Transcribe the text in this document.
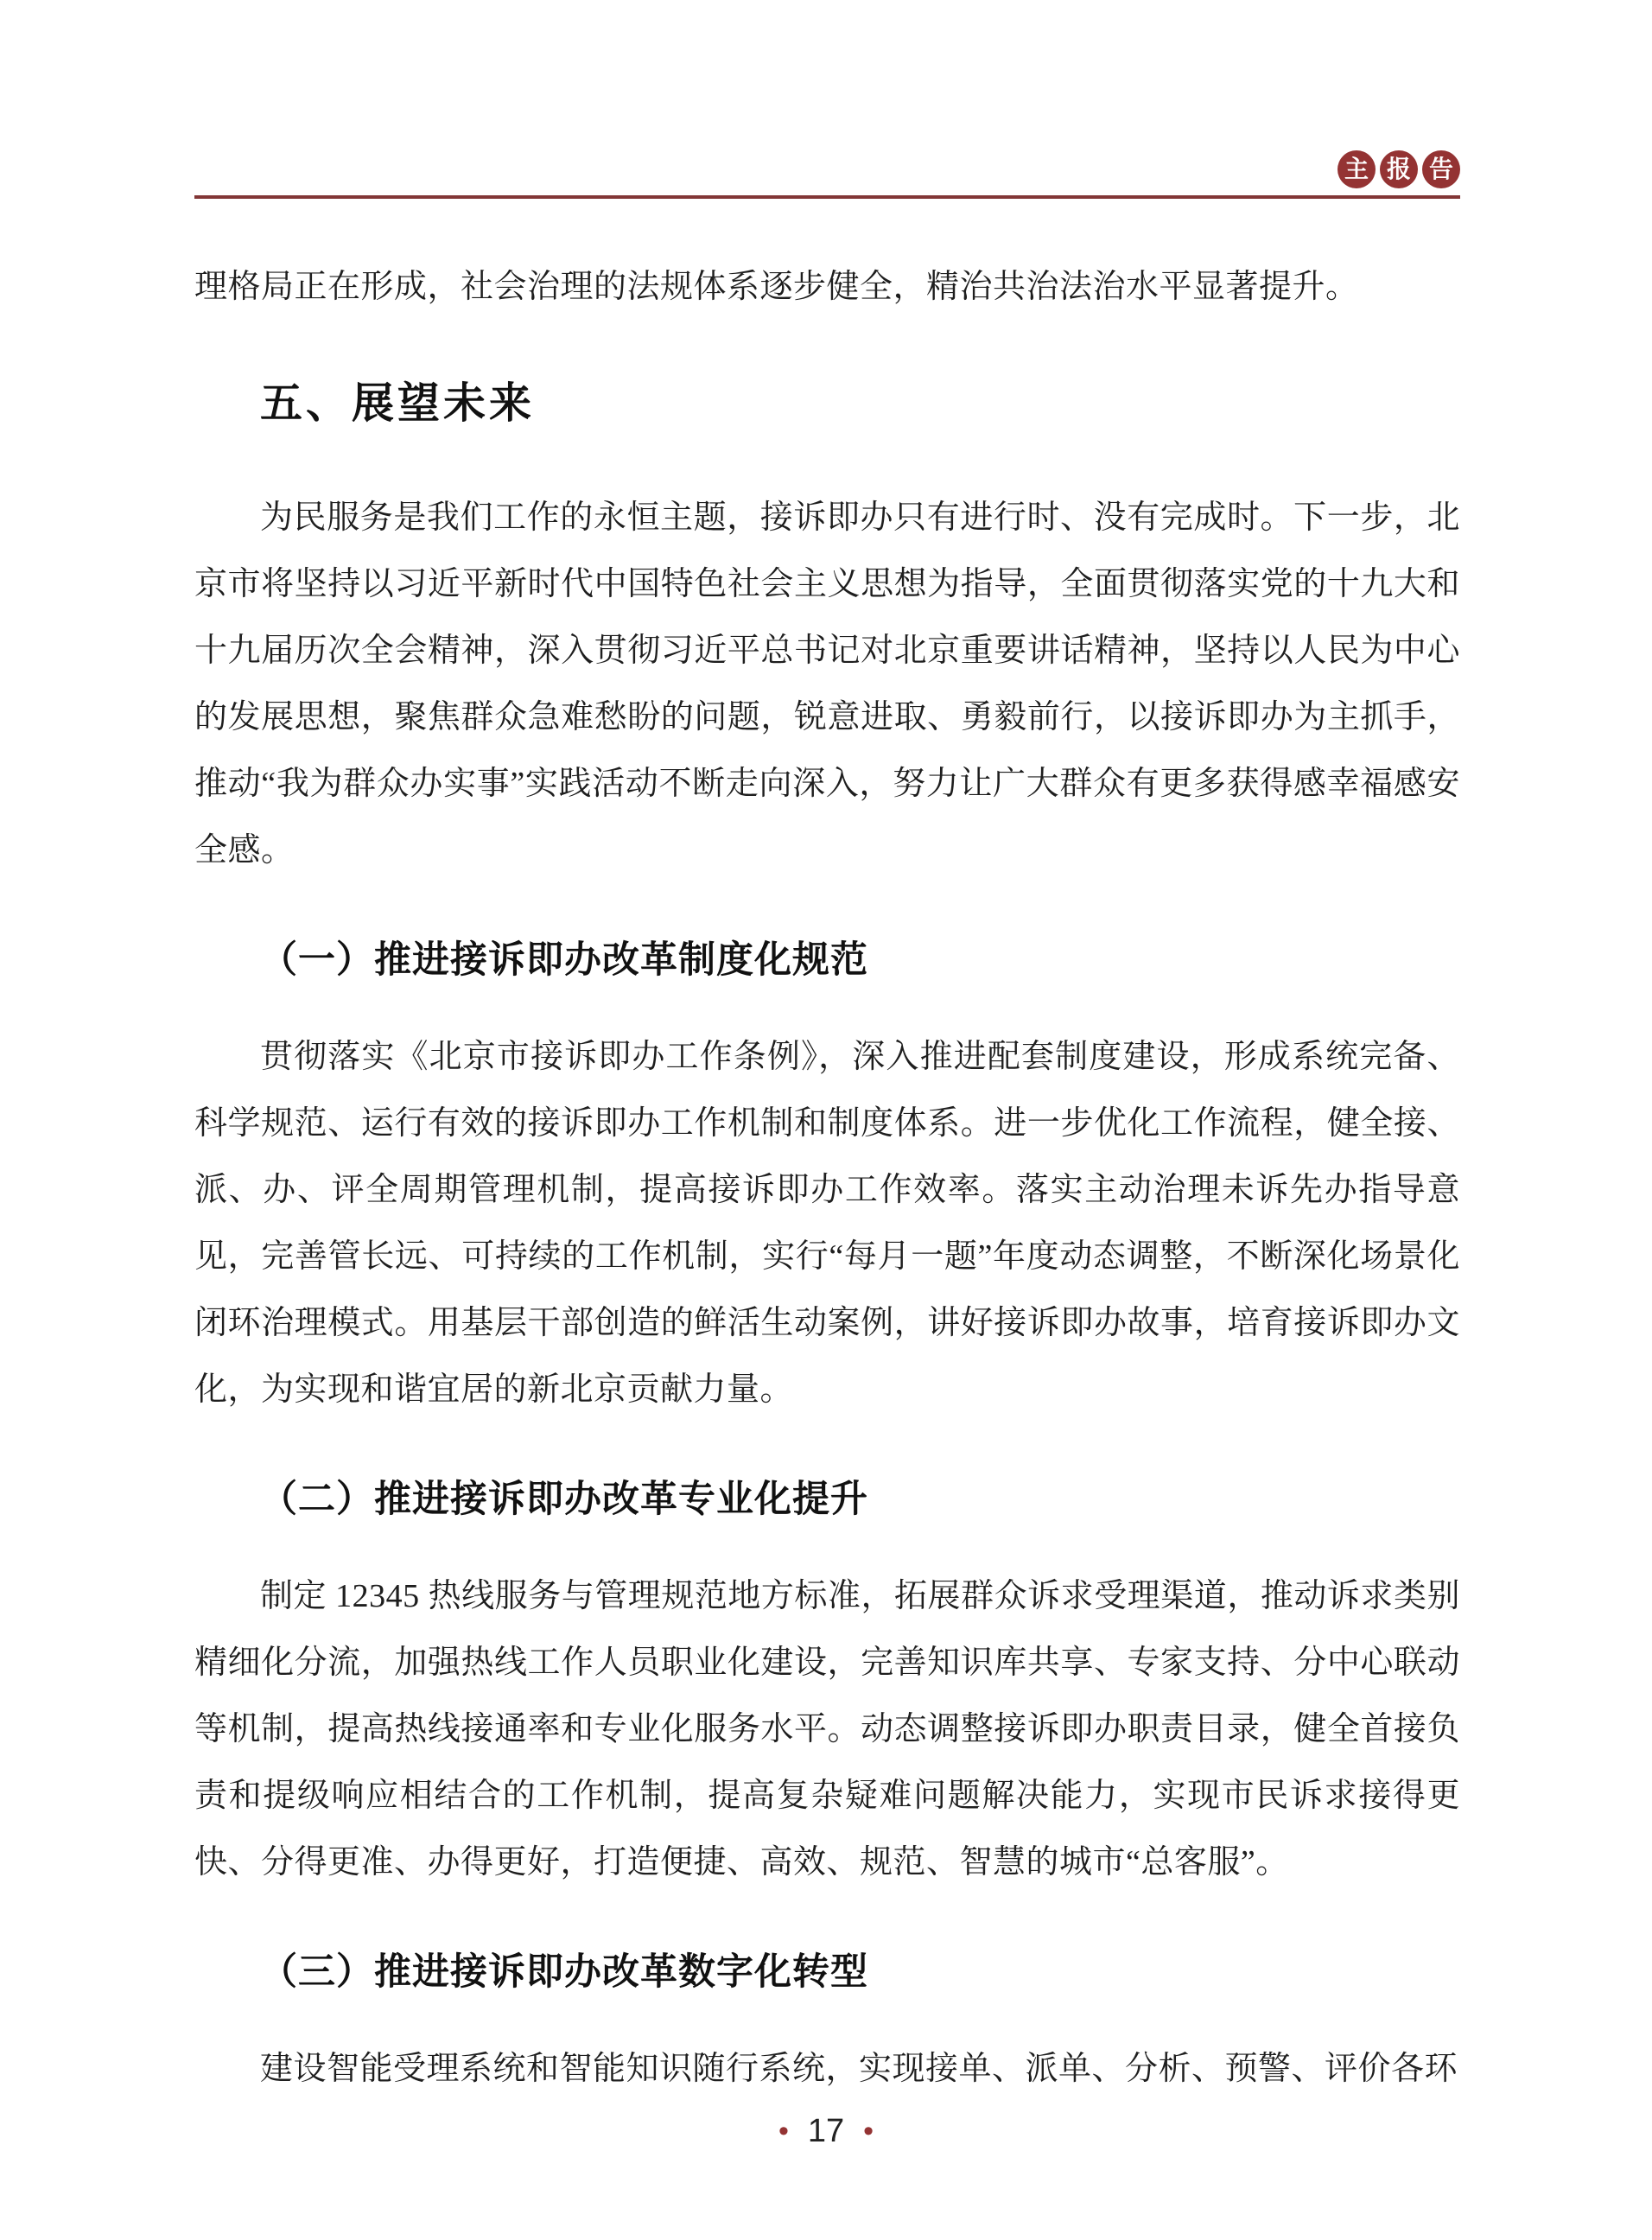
主 报 告

理格局正在形成，社会治理的法规体系逐步健全，精治共治法治水平显著提升。

五、展望未来

为民服务是我们工作的永恒主题，接诉即办只有进行时、没有完成时。下一步，北京市将坚持以习近平新时代中国特色社会主义思想为指导，全面贯彻落实党的十九大和十九届历次全会精神，深入贯彻习近平总书记对北京重要讲话精神，坚持以人民为中心的发展思想，聚焦群众急难愁盼的问题，锐意进取、勇毅前行，以接诉即办为主抓手，推动“我为群众办实事”实践活动不断走向深入，努力让广大群众有更多获得感幸福感安全感。

（一）推进接诉即办改革制度化规范

贯彻落实《北京市接诉即办工作条例》，深入推进配套制度建设，形成系统完备、科学规范、运行有效的接诉即办工作机制和制度体系。进一步优化工作流程，健全接、派、办、评全周期管理机制，提高接诉即办工作效率。落实主动治理未诉先办指导意见，完善管长远、可持续的工作机制，实行“每月一题”年度动态调整，不断深化场景化闭环治理模式。用基层干部创造的鲜活生动案例，讲好接诉即办故事，培育接诉即办文化，为实现和谐宜居的新北京贡献力量。

（二）推进接诉即办改革专业化提升

制定 12345 热线服务与管理规范地方标准，拓展群众诉求受理渠道，推动诉求类别精细化分流，加强热线工作人员职业化建设，完善知识库共享、专家支持、分中心联动等机制，提高热线接通率和专业化服务水平。动态调整接诉即办职责目录，健全首接负责和提级响应相结合的工作机制，提高复杂疑难问题解决能力，实现市民诉求接得更快、分得更准、办得更好，打造便捷、高效、规范、智慧的城市“总客服”。

（三）推进接诉即办改革数字化转型

建设智能受理系统和智能知识随行系统，实现接单、派单、分析、预警、评价各环

• 17 •
